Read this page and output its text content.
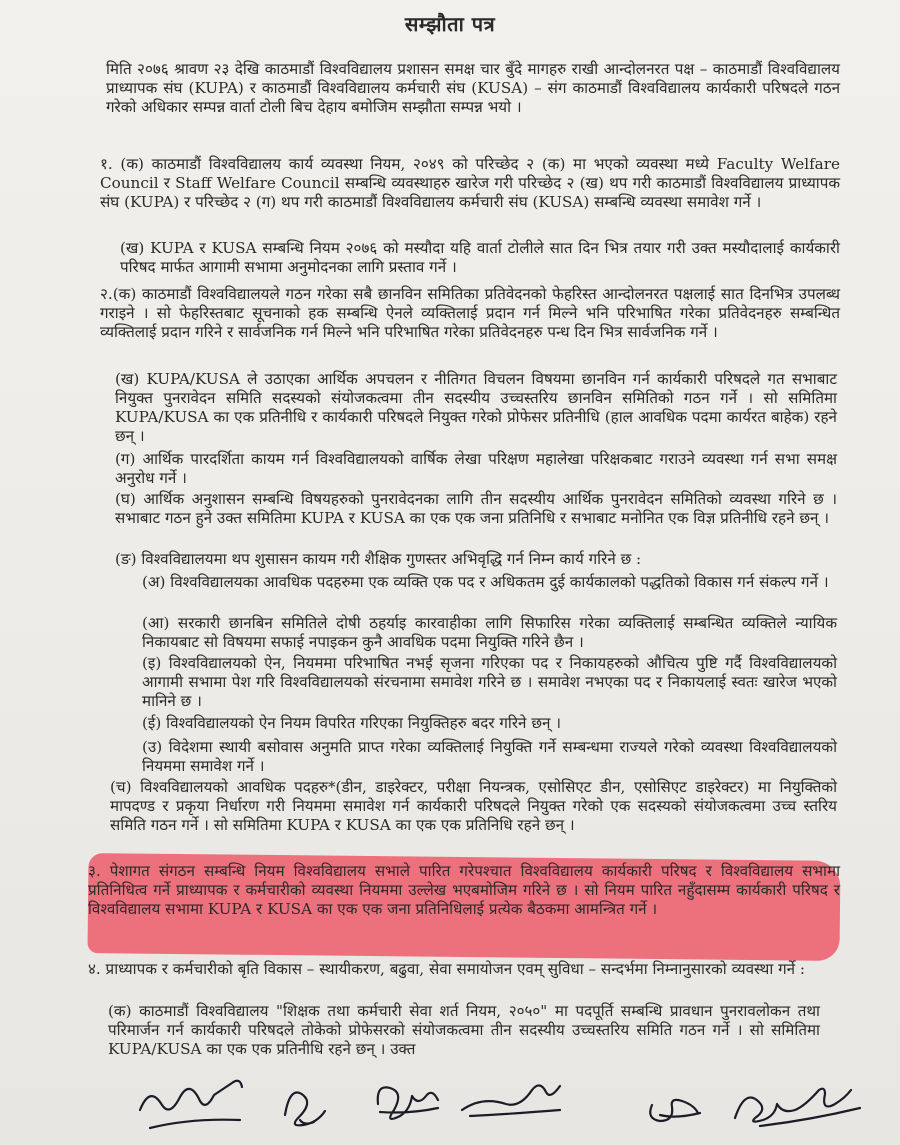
सम्झौता पत्र

मिति २०७६ श्रावण २३ देखि काठमाडौं विश्वविद्यालय प्रशासन समक्ष चार बुँदे मागहरु राखी आन्दोलनरत पक्ष – काठमाडौं विश्वविद्यालय प्राध्यापक संघ (KUPA) र काठमाडौं विश्वविद्यालय कर्मचारी संघ (KUSA) – संग काठमाडौं विश्वविद्यालय कार्यकारी परिषदले गठन गरेको अधिकार सम्पन्न वार्ता टोली बिच देहाय बमोजिम सम्झौता सम्पन्न भयो ।

१. (क) काठमाडौं विश्वविद्यालय कार्य व्यवस्था नियम, २०४९ को परिच्छेद २ (क) मा भएको व्यवस्था मध्ये Faculty Welfare Council र Staff Welfare Council सम्बन्धि व्यवस्थाहरु खारेज गरी परिच्छेद २ (ख) थप गरी काठमाडौं विश्वविद्यालय प्राध्यापक संघ (KUPA) र परिच्छेद २ (ग) थप गरी काठमाडौं विश्वविद्यालय कर्मचारी संघ (KUSA) सम्बन्धि व्यवस्था समावेश गर्ने ।

(ख) KUPA र KUSA सम्बन्धि नियम २०७६ को मस्यौदा यहि वार्ता टोलीले सात दिन भित्र तयार गरी उक्त मस्यौदालाई कार्यकारी परिषद मार्फत आगामी सभामा अनुमोदनका लागि प्रस्ताव गर्ने ।

२.(क) काठमाडौं विश्वविद्यालयले गठन गरेका सबै छानविन समितिका प्रतिवेदनको फेहरिस्त आन्दोलनरत पक्षलाई सात दिनभित्र उपलब्ध गराइने । सो फेहरिस्तबाट सूचनाको हक सम्बन्धि ऐनले व्यक्तिलाई प्रदान गर्न मिल्ने भनि परिभाषित गरेका प्रतिवेदनहरु सम्बन्धित व्यक्तिलाई प्रदान गरिने र सार्वजनिक गर्न मिल्ने भनि परिभाषित गरेका प्रतिवेदनहरु पन्ध दिन भित्र सार्वजनिक गर्ने ।

(ख) KUPA/KUSA ले उठाएका आर्थिक अपचलन र नीतिगत विचलन विषयमा छानविन गर्न कार्यकारी परिषदले गत सभाबाट नियुक्त पुनरावेदन समिति सदस्यको संयोजकत्वमा तीन सदस्यीय उच्चस्तरिय छानविन समितिको गठन गर्ने । सो समितिमा KUPA/KUSA का एक प्रतिनीधि र कार्यकारी परिषदले नियुक्त गरेको प्रोफेसर प्रतिनीधि (हाल आवधिक पदमा कार्यरत बाहेक) रहने छन् ।

(ग) आर्थिक पारदर्शिता कायम गर्न विश्वविद्यालयको वार्षिक लेखा परिक्षण महालेखा परिक्षकबाट गराउने व्यवस्था गर्न सभा समक्ष अनुरोध गर्ने ।

(घ) आर्थिक अनुशासन सम्बन्धि विषयहरुको पुनरावेदनका लागि तीन सदस्यीय आर्थिक पुनरावेदन समितिको व्यवस्था गरिने छ । सभाबाट गठन हुने उक्त समितिमा KUPA र KUSA का एक एक जना प्रतिनिधि र सभाबाट मनोनित एक विज्ञ प्रतिनीधि रहने छन् ।

(ङ) विश्वविद्यालयमा थप शुसासन कायम गरी शैक्षिक गुणस्तर अभिवृद्धि गर्न निम्न कार्य गरिने छ :

(अ) विश्वविद्यालयका आवधिक पदहरुमा एक व्यक्ति एक पद र अधिकतम दुई कार्यकालको पद्धतिको विकास गर्न संकल्प गर्ने ।

(आ) सरकारी छानबिन समितिले दोषी ठहर्याइ कारवाहीका लागि सिफारिस गरेका व्यक्तिलाई सम्बन्धित व्यक्तिले न्यायिक निकायबाट सो विषयमा सफाई नपाइकन कुनै आवधिक पदमा नियुक्ति गरिने छैन ।

(इ) विश्वविद्यालयको ऐन, नियममा परिभाषित नभई सृजना गरिएका पद र निकायहरुको औचित्य पुष्टि गर्दै विश्वविद्यालयको आगामी सभामा पेश गरि विश्वविद्यालयको संरचनामा समावेश गरिने छ । समावेश नभएका पद र निकायलाई स्वतः खारेज भएको मानिने छ ।

(ई) विश्वविद्यालयको ऐन नियम विपरित गरिएका नियुक्तिहरु बदर गरिने छन् ।

(उ) विदेशमा स्थायी बसोवास अनुमति प्राप्त गरेका व्यक्तिलाई नियुक्ति गर्ने सम्बन्धमा राज्यले गरेको व्यवस्था विश्वविद्यालयको नियममा समावेश गर्ने ।

(च) विश्वविद्यालयको आवधिक पदहरु*(डीन, डाइरेक्टर, परीक्षा नियन्त्रक, एसोसिएट डीन, एसोसिएट डाइरेक्टर) मा नियुक्तिको मापदण्ड र प्रकृया निर्धारण गरी नियममा समावेश गर्न कार्यकारी परिषदले नियुक्त गरेको एक सदस्यको संयोजकत्वमा उच्च स्तरिय समिति गठन गर्ने । सो समितिमा KUPA र KUSA का एक एक प्रतिनिधि रहने छन् ।

३. पेशागत संगठन सम्बन्धि नियम विश्वविद्यालय सभाले पारित गरेपश्चात विश्वविद्यालय कार्यकारी परिषद र विश्वविद्यालय सभामा प्रतिनिधित्व गर्ने प्राध्यापक र कर्मचारीको व्यवस्था नियममा उल्लेख भएबमोजिम गरिने छ । सो नियम पारित नहुँदासम्म कार्यकारी परिषद र विश्वविद्यालय सभामा KUPA र KUSA का एक एक जना प्रतिनिधिलाई प्रत्येक बैठकमा आमन्त्रित गर्ने ।

४. प्राध्यापक र कर्मचारीको बृति विकास – स्थायीकरण, बढुवा, सेवा समायोजन एवम् सुविधा – सन्दर्भमा निम्नानुसारको व्यवस्था गर्ने :

(क) काठमाडौं विश्वविद्यालय "शिक्षक तथा कर्मचारी सेवा शर्त नियम, २०५०" मा पदपूर्ति सम्बन्धि प्रावधान पुनरावलोकन तथा परिमार्जन गर्न कार्यकारी परिषदले तोकेको प्रोफेसरको संयोजकत्वमा तीन सदस्यीय उच्चस्तरिय समिति गठन गर्ने । सो समितिमा KUPA/KUSA का एक एक प्रतिनीधि रहने छन् । उक्त
